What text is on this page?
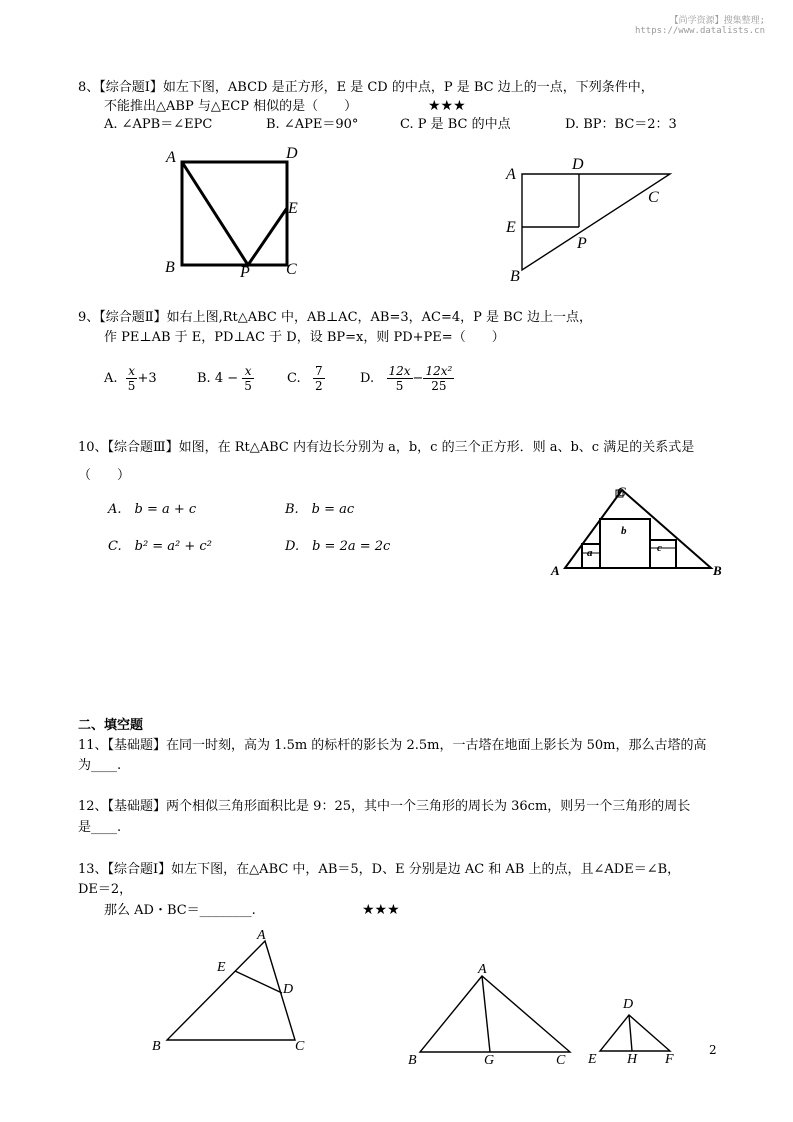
【尚学资源】搜集整理;
https://www.datalists.cn
8、【综合题Ⅰ】如左下图，ABCD 是正方形，E 是 CD 的中点，P 是 BC 边上的一点，下列条件中，
不能推出△ABP 与△ECP 相似的是（　　）	★★★
A. ∠APB＝∠EPC	B. ∠APE＝90°	C. P 是 BC 的中点	D. BP：BC＝2：3
A	D
E
B	P C
A
D
C
E
P
B
9、【综合题Ⅱ】如右上图,Rt△ABC 中，AB⊥AC，AB=3，AC=4，P 是 BC 边上一点，
作 PE⊥AB 于 E，PD⊥AC 于 D，设 BP=x，则 PD+PE=（　　）
A. $\frac{x}{5} +3$	B. $4 - \frac{x}{5}$	C. $\frac{7}{2}$	D. $\frac{12x}{5} - \frac{\text{12x²}}{25}$
10、【综合题Ⅲ】如图，在 Rt△ABC 内有边长分别为 a，b，c 的三个正方形．则 a、b、c 满足的关系式是
（　　）
A.　b = a + c	B.　b = ac
C.　b² = a² + c²	D.　b = 2a = 2c
C
A	B
a
b
c
二、填空题
11、【基础题】在同一时刻，高为 1.5m 的标杆的影长为 2.5m，一古塔在地面上影长为 50m，那么古塔的高
为____.
12、【基础题】两个相似三角形面积比是 9：25，其中一个三角形的周长为 36cm，则另一个三角形的周长
是____.
13、【综合题Ⅰ】如左下图，在△ABC 中，AB＝5，D、E 分别是边 AC 和 AB 上的点，且∠ADE＝∠B，
DE＝2，
那么 AD・BC＝________.	★★★
A
E
D
B	C
A
B	G	C
D
E H F
2
